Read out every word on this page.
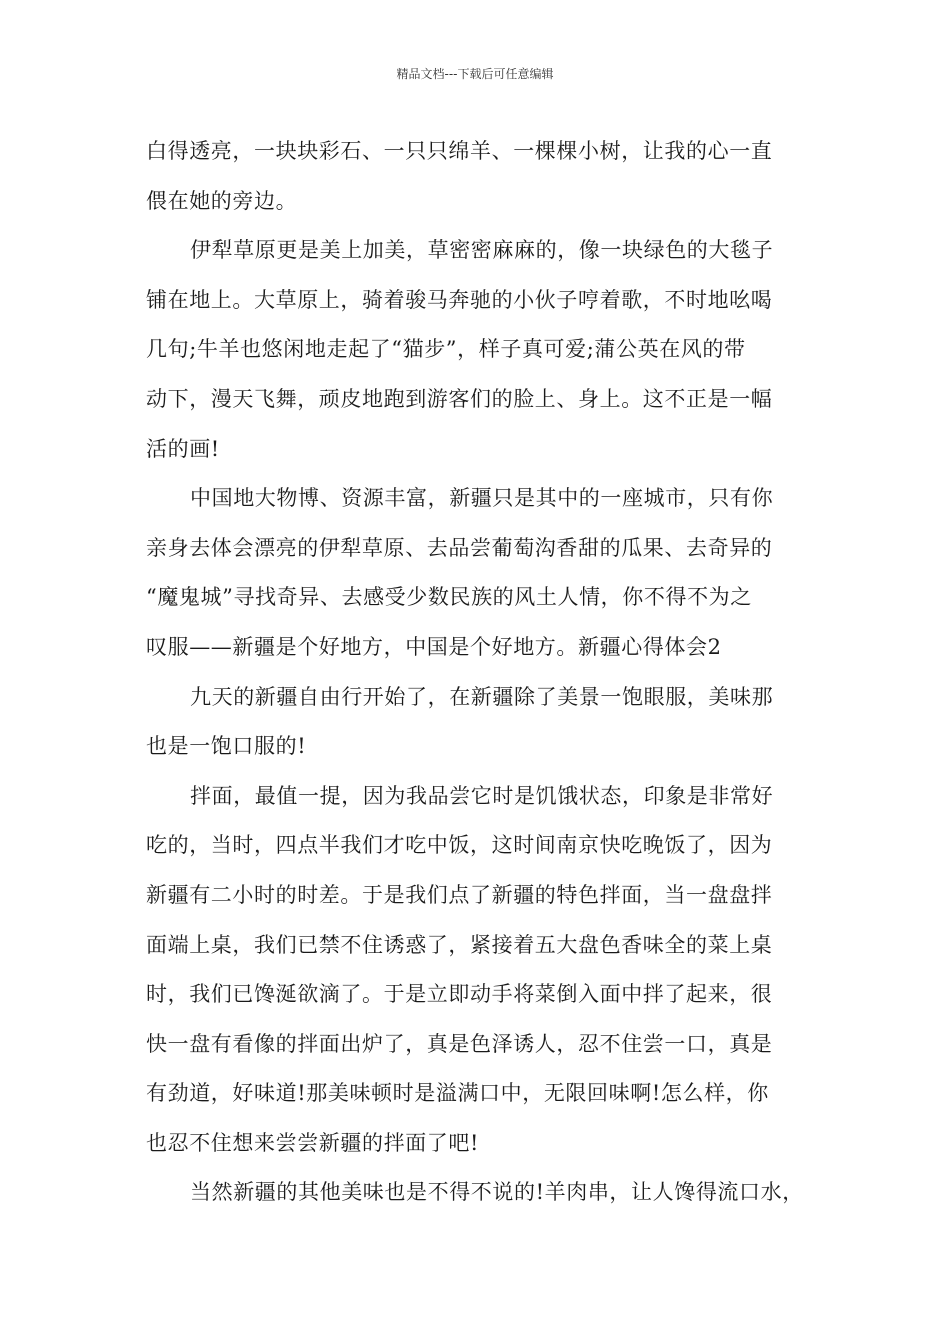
精品文档---下载后可任意编辑
白得透亮，一块块彩石、一只只绵羊、一棵棵小树，让我的心一直
偎在她的旁边。
伊犁草原更是美上加美，草密密麻麻的，像一块绿色的大毯子
铺在地上。大草原上，骑着骏马奔驰的小伙子哼着歌，不时地吆喝
几句;牛羊也悠闲地走起了“猫步”，样子真可爱;蒲公英在风的带
动下，漫天飞舞，顽皮地跑到游客们的脸上、身上。这不正是一幅
活的画!
中国地大物博、资源丰富，新疆只是其中的一座城市，只有你
亲身去体会漂亮的伊犁草原、去品尝葡萄沟香甜的瓜果、去奇异的
“魔鬼城”寻找奇异、去感受少数民族的风土人情，你不得不为之
叹服——新疆是个好地方，中国是个好地方。新疆心得体会2
九天的新疆自由行开始了，在新疆除了美景一饱眼服，美味那
也是一饱口服的!
拌面，最值一提，因为我品尝它时是饥饿状态，印象是非常好
吃的，当时，四点半我们才吃中饭，这时间南京快吃晚饭了，因为
新疆有二小时的时差。于是我们点了新疆的特色拌面，当一盘盘拌
面端上桌，我们已禁不住诱惑了，紧接着五大盘色香味全的菜上桌
时，我们已馋涎欲滴了。于是立即动手将菜倒入面中拌了起来，很
快一盘有看像的拌面出炉了，真是色泽诱人，忍不住尝一口，真是
有劲道，好味道!那美味顿时是溢满口中，无限回味啊!怎么样，你
也忍不住想来尝尝新疆的拌面了吧!
当然新疆的其他美味也是不得不说的!羊肉串，让人馋得流口水，
